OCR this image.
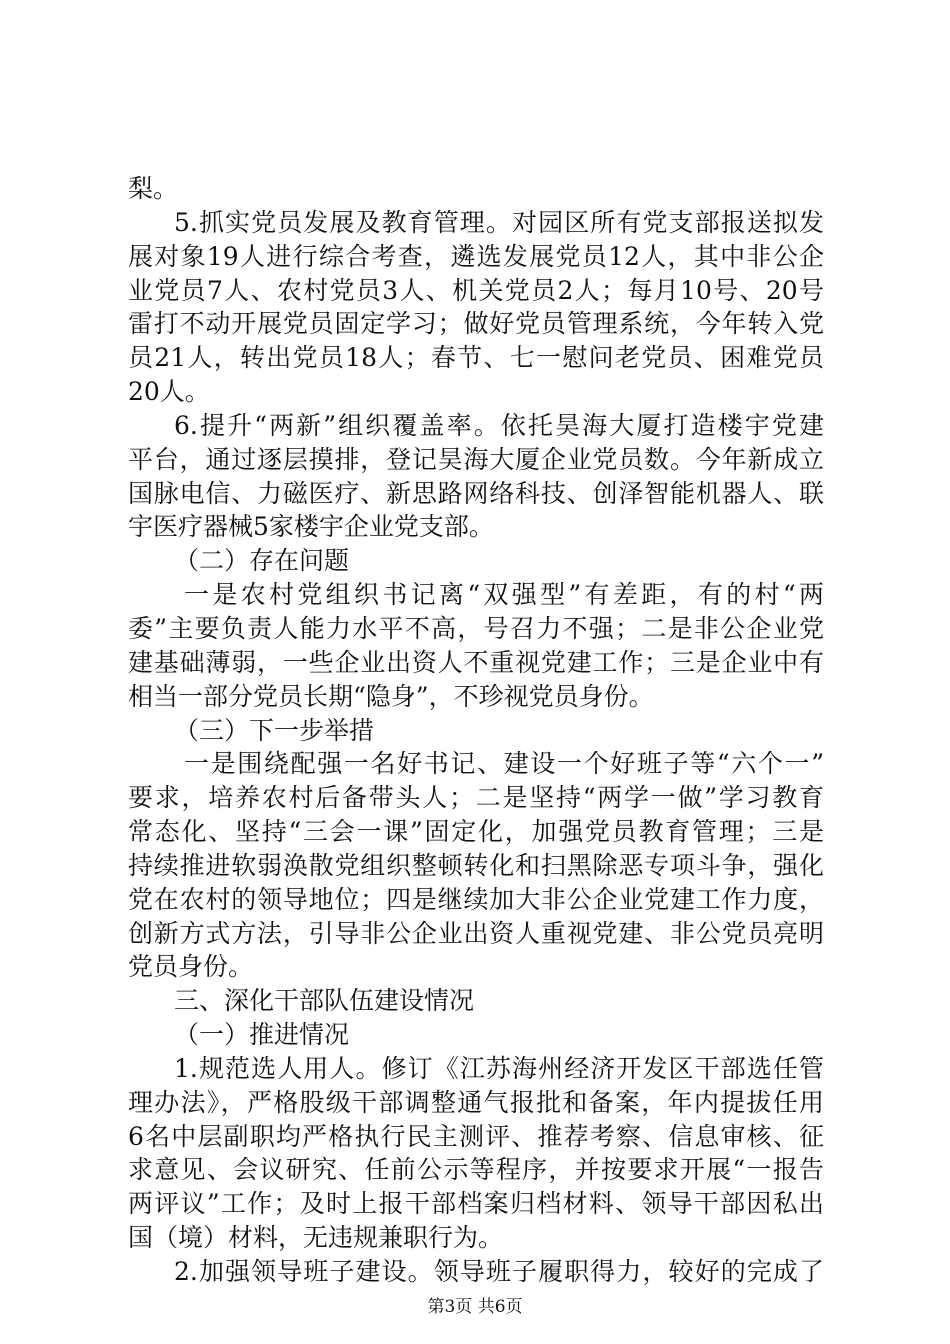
梨。
5.抓实党员发展及教育管理。对园区所有党支部报送拟发
展对象19人进行综合考查，遴选发展党员12人，其中非公企
业党员7人、农村党员3人、机关党员2人；每月10号、20号
雷打不动开展党员固定学习；做好党员管理系统，今年转入党
员21人，转出党员18人；春节、七一慰问老党员、困难党员
20人。
6.提升“两新”组织覆盖率。依托昊海大厦打造楼宇党建
平台，通过逐层摸排，登记昊海大厦企业党员数。今年新成立
国脉电信、力磁医疗、新思路网络科技、创泽智能机器人、联
宇医疗器械5家楼宇企业党支部。
（二）存在问题
一是农村党组织书记离“双强型”有差距，有的村“两
委”主要负责人能力水平不高，号召力不强；二是非公企业党
建基础薄弱，一些企业出资人不重视党建工作；三是企业中有
相当一部分党员长期“隐身”，不珍视党员身份。
（三）下一步举措
一是围绕配强一名好书记、建设一个好班子等“六个一”
要求，培养农村后备带头人；二是坚持“两学一做”学习教育
常态化、坚持“三会一课”固定化，加强党员教育管理；三是
持续推进软弱涣散党组织整顿转化和扫黑除恶专项斗争，强化
党在农村的领导地位；四是继续加大非公企业党建工作力度，
创新方式方法，引导非公企业出资人重视党建、非公党员亮明
党员身份。
三、深化干部队伍建设情况
（一）推进情况
1.规范选人用人。修订《江苏海州经济开发区干部选任管
理办法》，严格股级干部调整通气报批和备案，年内提拔任用
6名中层副职均严格执行民主测评、推荐考察、信息审核、征
求意见、会议研究、任前公示等程序，并按要求开展“一报告
两评议”工作；及时上报干部档案归档材料、领导干部因私出
国（境）材料，无违规兼职行为。
2.加强领导班子建设。领导班子履职得力，较好的完成了
第3页 共6页
